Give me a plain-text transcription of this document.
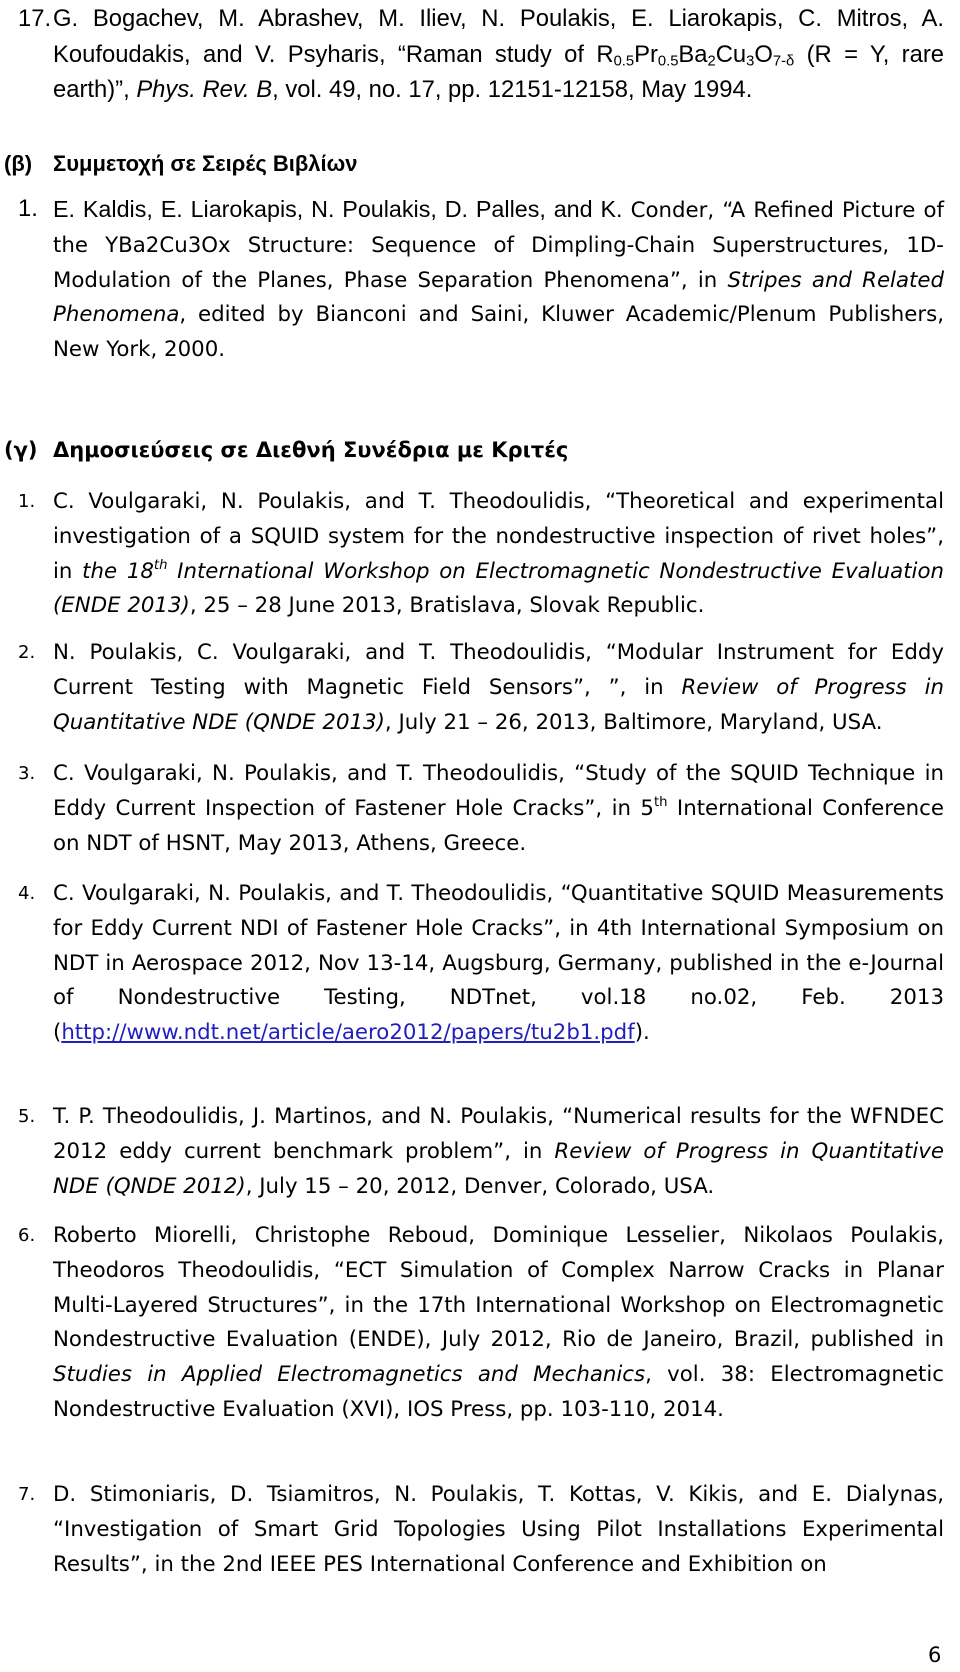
17. G. Bogachev, M. Abrashev, M. Iliev, N. Poulakis, E. Liarokapis, C. Mitros, A. Koufoudakis, and V. Psyharis, “Raman study of $R_{0.5}Pr_{0.5}Ba_2Cu_3O_{7-\delta}$ (R = Y, rare earth)”, Phys. Rev. B, vol. 49, no. 17, pp. 12151-12158, May 1994.
(β) Συμμετοχή σε Σειρές Βιβλίων
1. E. Kaldis, E. Liarokapis, N. Poulakis, D. Palles, and K. Conder, “A Refined Picture of the YBa2Cu3Ox Structure: Sequence of Dimpling-Chain Superstructures, 1D-Modulation of the Planes, Phase Separation Phenomena”, in Stripes and Related Phenomena, edited by Bianconi and Saini, Kluwer Academic/Plenum Publishers, New York, 2000.
(γ) Δημοσιεύσεις σε Διεθνή Συνέδρια με Κριτές
1. C. Voulgaraki, N. Poulakis, and T. Theodoulidis, “Theoretical and experimental investigation of a SQUID system for the nondestructive inspection of rivet holes”, in the 18th International Workshop on Electromagnetic Nondestructive Evaluation (ENDE 2013), 25 – 28 June 2013, Bratislava, Slovak Republic.
2. N. Poulakis, C. Voulgaraki, and T. Theodoulidis, “Modular Instrument for Eddy Current Testing with Magnetic Field Sensors”, ”, in Review of Progress in Quantitative NDE (QNDE 2013), July 21 – 26, 2013, Baltimore, Maryland, USA.
3. C. Voulgaraki, N. Poulakis, and T. Theodoulidis, “Study of the SQUID Technique in Eddy Current Inspection of Fastener Hole Cracks”, in 5th International Conference on NDT of HSNT, May 2013, Athens, Greece.
4. C. Voulgaraki, N. Poulakis, and T. Theodoulidis, “Quantitative SQUID Measurements for Eddy Current NDI of Fastener Hole Cracks”, in 4th International Symposium on NDT in Aerospace 2012, Nov 13-14, Augsburg, Germany, published in the e-Journal of Nondestructive Testing, NDTnet, vol.18 no.02, Feb. 2013 (http://www.ndt.net/article/aero2012/papers/tu2b1.pdf).
5. T. P. Theodoulidis, J. Martinos, and N. Poulakis, “Numerical results for the WFNDEC 2012 eddy current benchmark problem”, in Review of Progress in Quantitative NDE (QNDE 2012), July 15 – 20, 2012, Denver, Colorado, USA.
6. Roberto Miorelli, Christophe Reboud, Dominique Lesselier, Nikolaos Poulakis, Theodoros Theodoulidis, “ECT Simulation of Complex Narrow Cracks in Planar Multi-Layered Structures”, in the 17th International Workshop on Electromagnetic Nondestructive Evaluation (ENDE), July 2012, Rio de Janeiro, Brazil, published in Studies in Applied Electromagnetics and Mechanics, vol. 38: Electromagnetic Nondestructive Evaluation (XVI), IOS Press, pp. 103-110, 2014.
7. D. Stimoniaris, D. Tsiamitros, N. Poulakis, T. Kottas, V. Kikis, and E. Dialynas, “Investigation of Smart Grid Topologies Using Pilot Installations Experimental Results”, in the 2nd IEEE PES International Conference and Exhibition on
6
